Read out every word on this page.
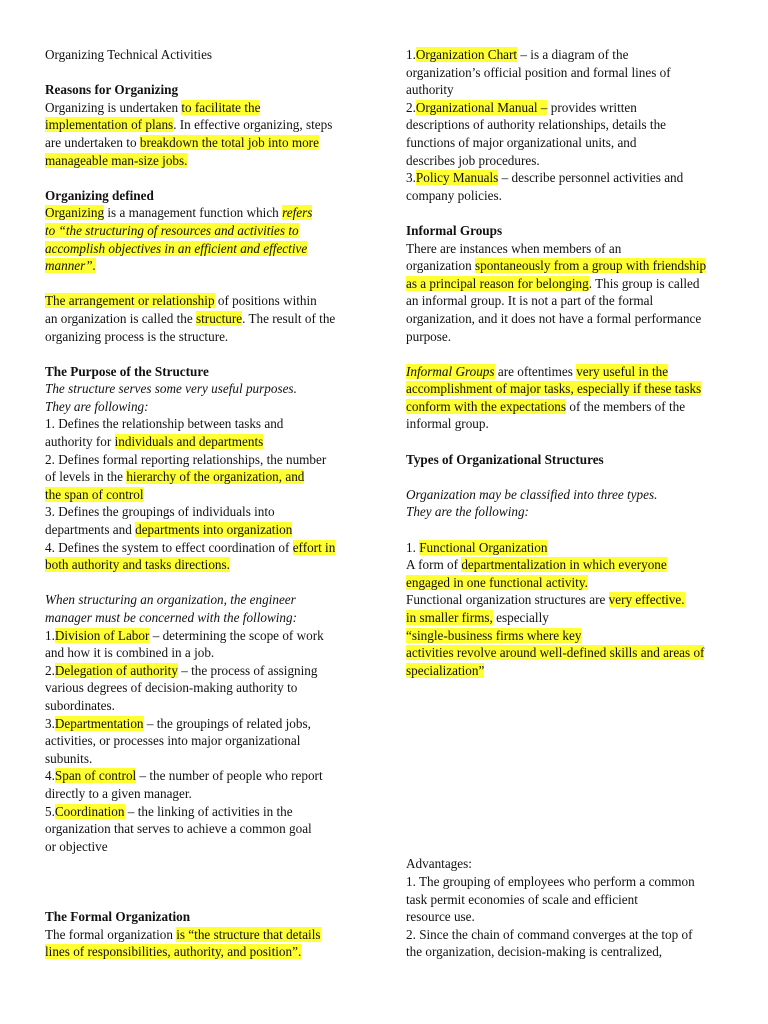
Organizing Technical Activities
Reasons for Organizing
Organizing is undertaken to facilitate the
implementation of plans. In effective organizing, steps
are undertaken to breakdown the total job into more
manageable man-size jobs.
Organizing defined
Organizing is a management function which refers
to “the structuring of resources and activities to
accomplish objectives in an efficient and effective
manner”.
The arrangement or relationship of positions within
an organization is called the structure. The result of the
organizing process is the structure.
The Purpose of the Structure
The structure serves some very useful purposes.
They are following:
1. Defines the relationship between tasks and
authority for individuals and departments
2. Defines formal reporting relationships, the number
of levels in the hierarchy of the organization, and
the span of control
3. Defines the groupings of individuals into
departments and departments into organization
4. Defines the system to effect coordination of effort in
both authority and tasks directions.
When structuring an organization, the engineer
manager must be concerned with the following:
1.Division of Labor – determining the scope of work
and how it is combined in a job.
2.Delegation of authority – the process of assigning
various degrees of decision-making authority to
subordinates.
3.Departmentation – the groupings of related jobs,
activities, or processes into major organizational
subunits.
4.Span of control – the number of people who report
directly to a given manager.
5.Coordination – the linking of activities in the
organization that serves to achieve a common goal
or objective
The Formal Organization
The formal organization is “the structure that details
lines of responsibilities, authority, and position”.
1.Organization Chart – is a diagram of the
organization’s official position and formal lines of
authority
2.Organizational Manual – provides written
descriptions of authority relationships, details the
functions of major organizational units, and
describes job procedures.
3.Policy Manuals – describe personnel activities and
company policies.
Informal Groups
There are instances when members of an
organization spontaneously from a group with friendship
as a principal reason for belonging. This group is called
an informal group. It is not a part of the formal
organization, and it does not have a formal performance
purpose.
Informal Groups are oftentimes very useful in the
accomplishment of major tasks, especially if these tasks
conform with the expectations of the members of the
informal group.
Types of Organizational Structures
Organization may be classified into three types.
They are the following:
1. Functional Organization
A form of departmentalization in which everyone
engaged in one functional activity.
Functional organization structures are very effective.
in smaller firms, especially
“single-business firms where key
activities revolve around well-defined skills and areas of
specialization”
Advantages:
1. The grouping of employees who perform a common
task permit economies of scale and efficient
resource use.
2. Since the chain of command converges at the top of
the organization, decision-making is centralized,
